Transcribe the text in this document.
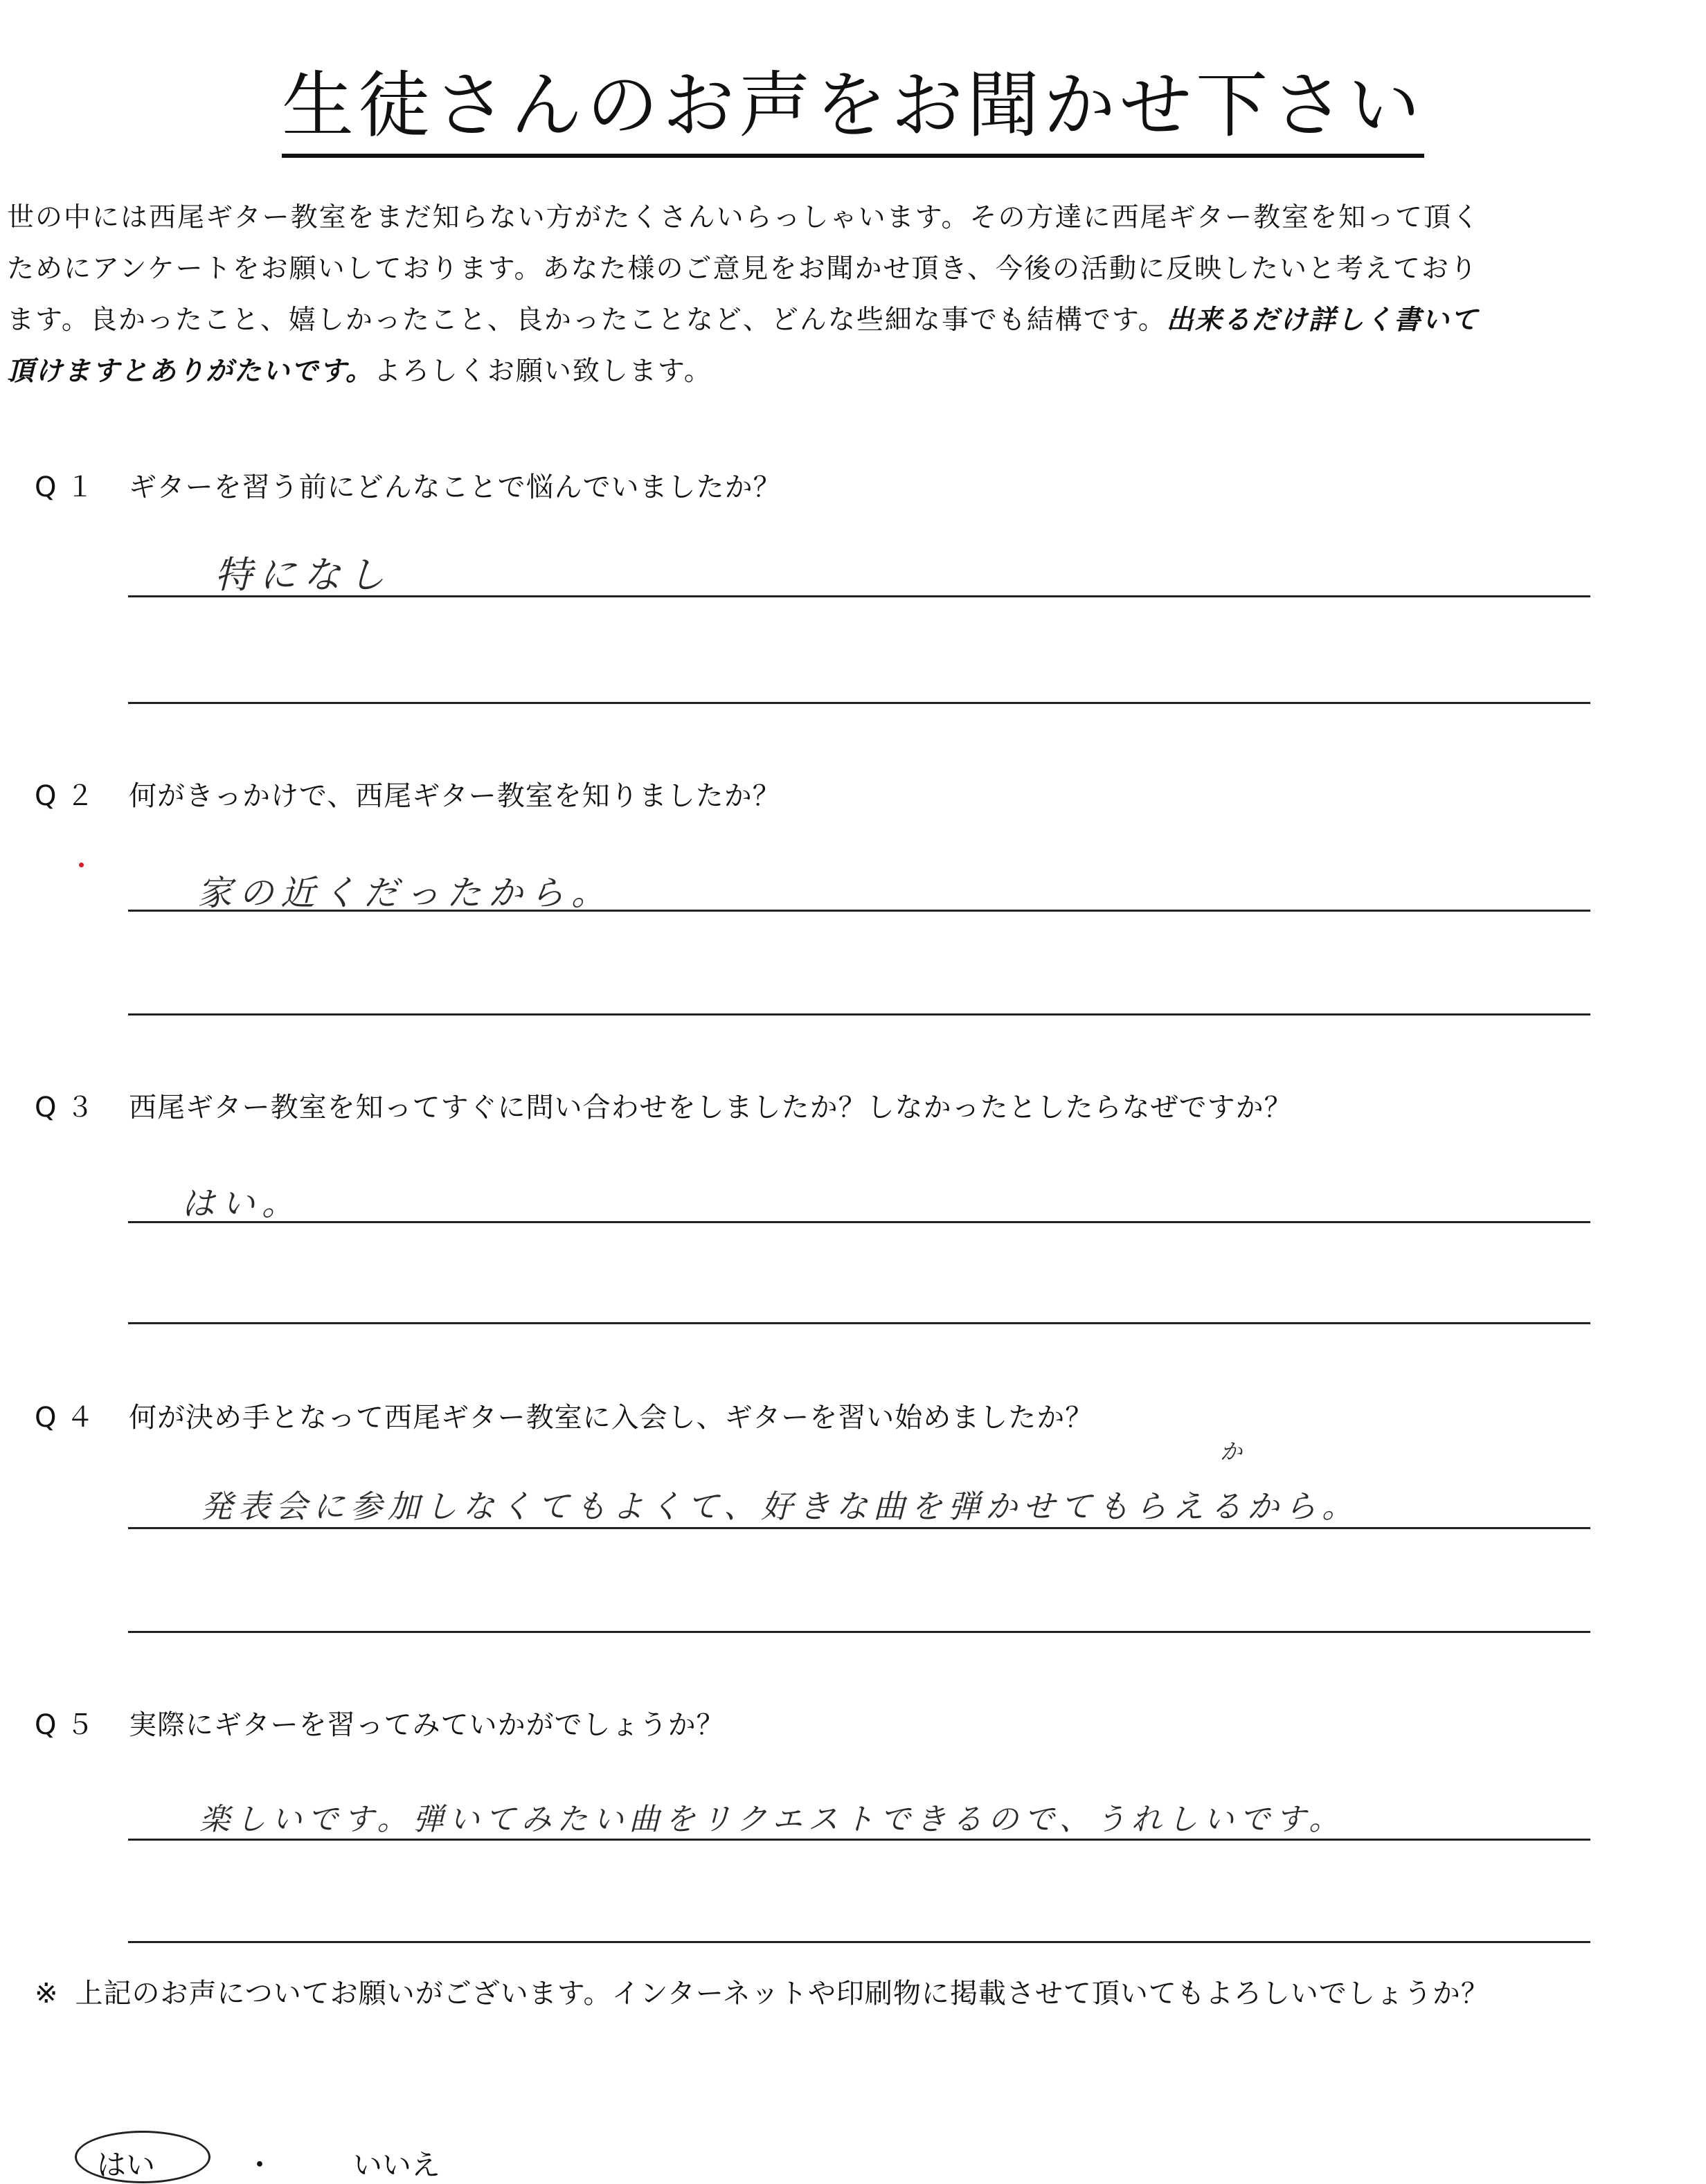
生徒さんのお声をお聞かせ下さい
世の中には西尾ギター教室をまだ知らない方がたくさんいらっしゃいます。その方達に西尾ギター教室を知って頂く
ためにアンケートをお願いしております。あなた様のご意見をお聞かせ頂き、今後の活動に反映したいと考えており
ます。良かったこと、嬉しかったこと、良かったことなど、どんな些細な事でも結構です。出来るだけ詳しく書いて
頂けますとありがたいです。よろしくお願い致します。
Q１ ギターを習う前にどんなことで悩んでいましたか？
特になし
Q２ 何がきっかけで、西尾ギター教室を知りましたか？
家の近くだったから。
Q３ 西尾ギター教室を知ってすぐに問い合わせをしましたか？しなかったとしたらなぜですか？
はい。
Q４ 何が決め手となって西尾ギター教室に入会し、ギターを習い始めましたか？
か
発表会に参加しなくてもよくて、好きな曲を弾かせてもらえるから。
Q５ 実際にギターを習ってみていかがでしょうか？
楽しいです。弾いてみたい曲をリクエストできるので、うれしいです。
※ 上記のお声についてお願いがございます。インターネットや印刷物に掲載させて頂いてもよろしいでしょうか？
はい	・	いいえ
